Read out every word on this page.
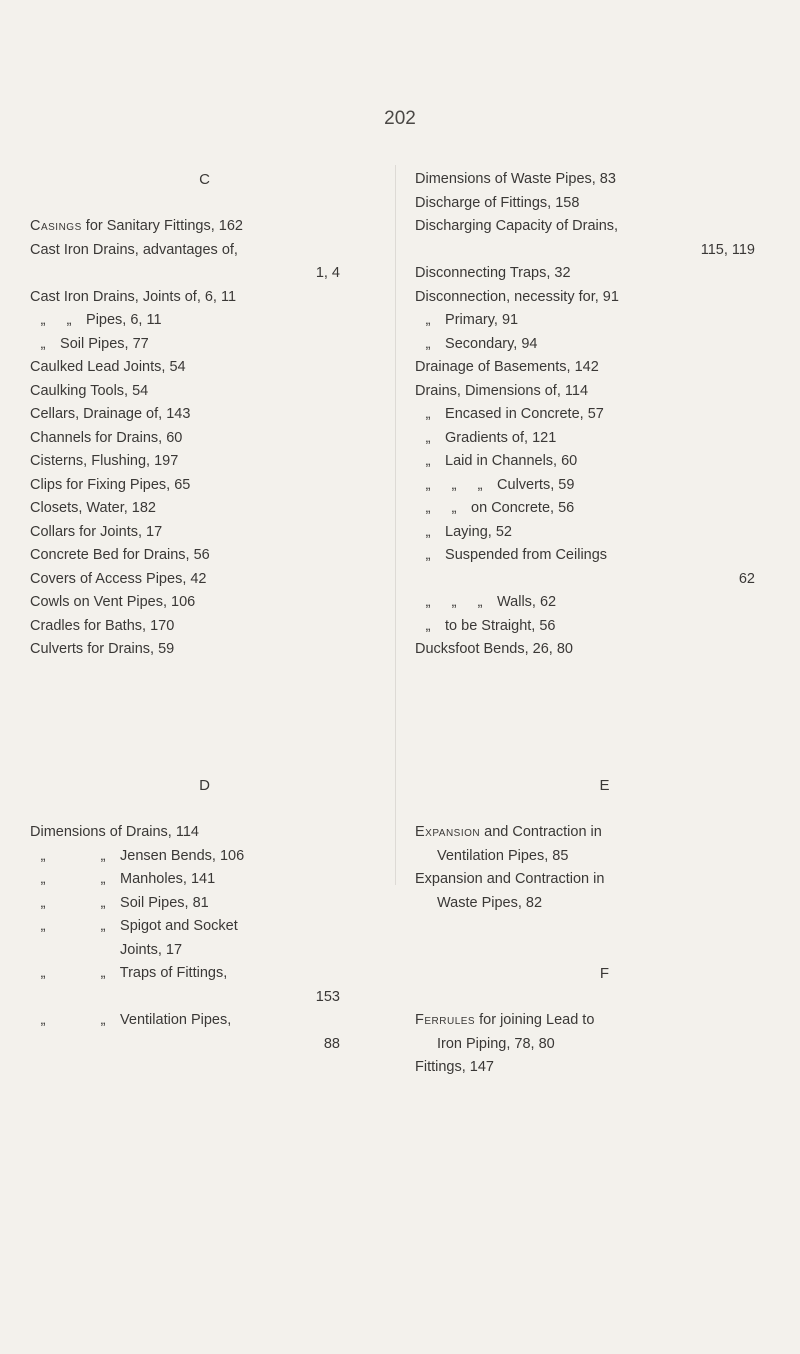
202
C
Casings for Sanitary Fittings, 162
Cast Iron Drains, advantages of,
1, 4
Cast Iron Drains, Joints of, 6, 11
„ „ Pipes, 6, 11
„ Soil Pipes, 77
Caulked Lead Joints, 54
Caulking Tools, 54
Cellars, Drainage of, 143
Channels for Drains, 60
Cisterns, Flushing, 197
Clips for Fixing Pipes, 65
Closets, Water, 182
Collars for Joints, 17
Concrete Bed for Drains, 56
Covers of Access Pipes, 42
Cowls on Vent Pipes, 106
Cradles for Baths, 170
Culverts for Drains, 59
Dimensions of Waste Pipes, 83
Discharge of Fittings, 158
Discharging Capacity of Drains,
115, 119
Disconnecting Traps, 32
Disconnection, necessity for, 91
„ Primary, 91
„ Secondary, 94
Drainage of Basements, 142
Drains, Dimensions of, 114
„ Encased in Concrete, 57
„ Gradients of, 121
„ Laid in Channels, 60
„ „ „ Culverts, 59
„ „ on Concrete, 56
„ Laying, 52
„ Suspended from Ceilings
62
„ „ „ Walls, 62
„ to be Straight, 56
Ducksfoot Bends, 26, 80
D
Dimensions of Drains, 114
„	„ Jensen Bends, 106
„	„ Manholes, 141
„	„ Soil Pipes, 81
„	„ Spigot and Socket
Joints, 17
„	„ Traps of Fittings,
153
„	„ Ventilation Pipes,
88
E
Expansion and Contraction in
Ventilation Pipes, 85
Expansion and Contraction in
Waste Pipes, 82
F
Ferrules for joining Lead to
Iron Piping, 78, 80
Fittings, 147
